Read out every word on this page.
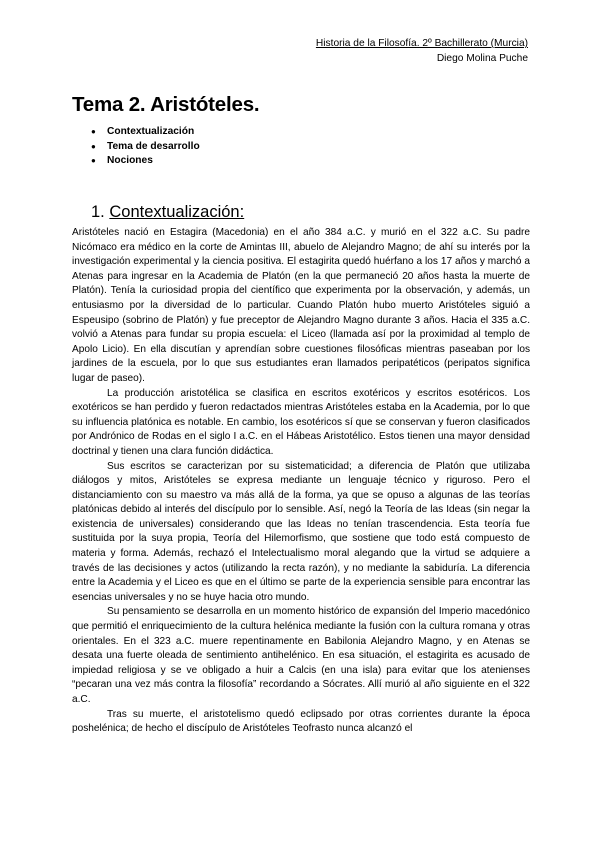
Historia de la Filosofía. 2º Bachillerato (Murcia)
Diego Molina Puche
Tema 2. Aristóteles.
● Contextualización
● Tema de desarrollo
● Nociones
1. Contextualización:

Aristóteles nació en Estagira (Macedonia) en el año 384 a.C. y murió en el 322 a.C. Su padre Nicómaco era médico en la corte de Amintas III, abuelo de Alejandro Magno; de ahí su interés por la investigación experimental y la ciencia positiva. El estagirita quedó huérfano a los 17 años y marchó a Atenas para ingresar en la Academia de Platón (en la que permaneció 20 años hasta la muerte de Platón). Tenía la curiosidad propia del científico que experimenta por la observación, y además, un entusiasmo por la diversidad de lo particular. Cuando Platón hubo muerto Aristóteles siguió a Espeusipo (sobrino de Platón) y fue preceptor de Alejandro Magno durante 3 años. Hacia el 335 a.C. volvió a Atenas para fundar su propia escuela: el Liceo (llamada así por la proximidad al templo de Apolo Licio). En ella discutían y aprendían sobre cuestiones filosóficas mientras paseaban por los jardines de la escuela, por lo que sus estudiantes eran llamados peripatéticos (peripatos significa lugar de paseo).

La producción aristotélica se clasifica en escritos exotéricos y escritos esotéricos. Los exotéricos se han perdido y fueron redactados mientras Aristóteles estaba en la Academia, por lo que su influencia platónica es notable. En cambio, los esotéricos sí que se conservan y fueron clasificados por Andrónico de Rodas en el siglo I a.C. en el Hábeas Aristotélico. Estos tienen una mayor densidad doctrinal y tienen una clara función didáctica.

Sus escritos se caracterizan por su sistematicidad; a diferencia de Platón que utilizaba diálogos y mitos, Aristóteles se expresa mediante un lenguaje técnico y riguroso. Pero el distanciamiento con su maestro va más allá de la forma, ya que se opuso a algunas de las teorías platónicas debido al interés del discípulo por lo sensible. Así, negó la Teoría de las Ideas (sin negar la existencia de universales) considerando que las Ideas no tenían trascendencia. Esta teoría fue sustituida por la suya propia, Teoría del Hilemorfismo, que sostiene que todo está compuesto de materia y forma. Además, rechazó el Intelectualismo moral alegando que la virtud se adquiere a través de las decisiones y actos (utilizando la recta razón), y no mediante la sabiduría. La diferencia entre la Academia y el Liceo es que en el último se parte de la experiencia sensible para encontrar las esencias universales y no se huye hacia otro mundo.

Su pensamiento se desarrolla en un momento histórico de expansión del Imperio macedónico que permitió el enriquecimiento de la cultura helénica mediante la fusión con la cultura romana y otras orientales. En el 323 a.C. muere repentinamente en Babilonia Alejandro Magno, y en Atenas se desata una fuerte oleada de sentimiento antihelénico. En esa situación, el estagirita es acusado de impiedad religiosa y se ve obligado a huir a Calcis (en una isla) para evitar que los atenienses “pecaran una vez más contra la filosofía” recordando a Sócrates. Allí murió al año siguiente en el 322 a.C.

Tras su muerte, el aristotelismo quedó eclipsado por otras corrientes durante la época poshelénica; de hecho el discípulo de Aristóteles Teofrasto nunca alcanzó el
